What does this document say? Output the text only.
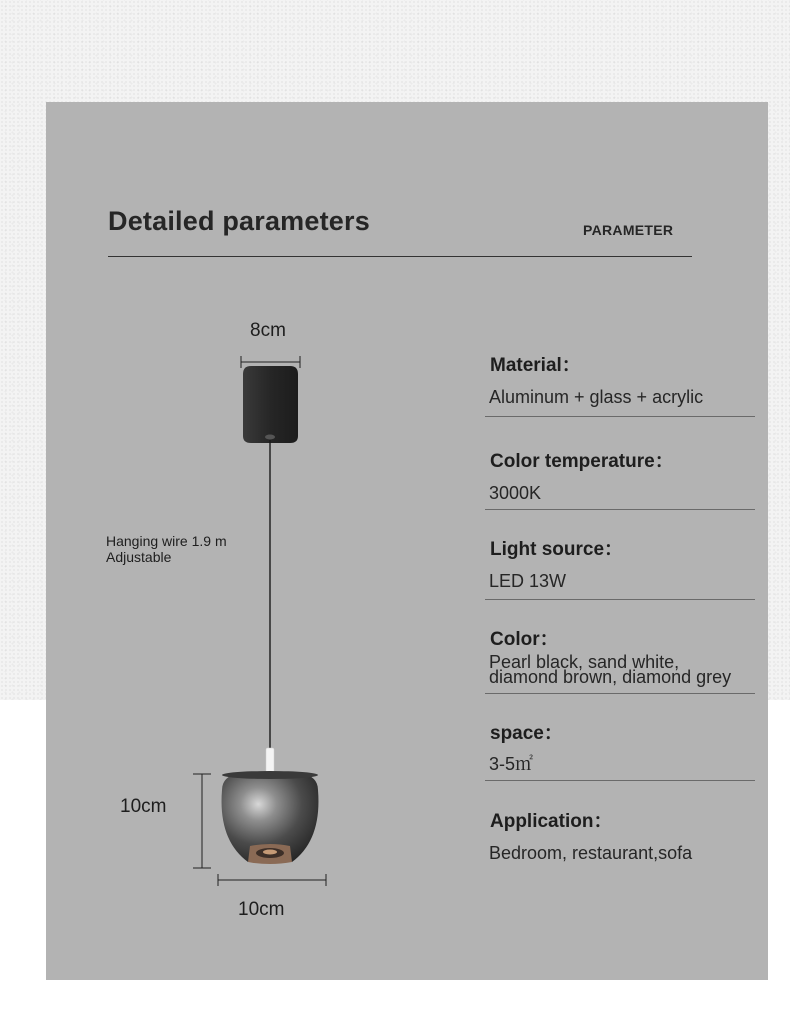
Detailed parameters	PARAMETER
8cm
Hanging wire 1.9 m
Adjustable
10cm
10cm
Material：
Aluminum + glass + acrylic
Color temperature：
3000K
Light source：
LED 13W
Color：
Pearl black, sand white,
diamond brown, diamond grey
space：
3-5㎡
Application：
Bedroom, restaurant,sofa
